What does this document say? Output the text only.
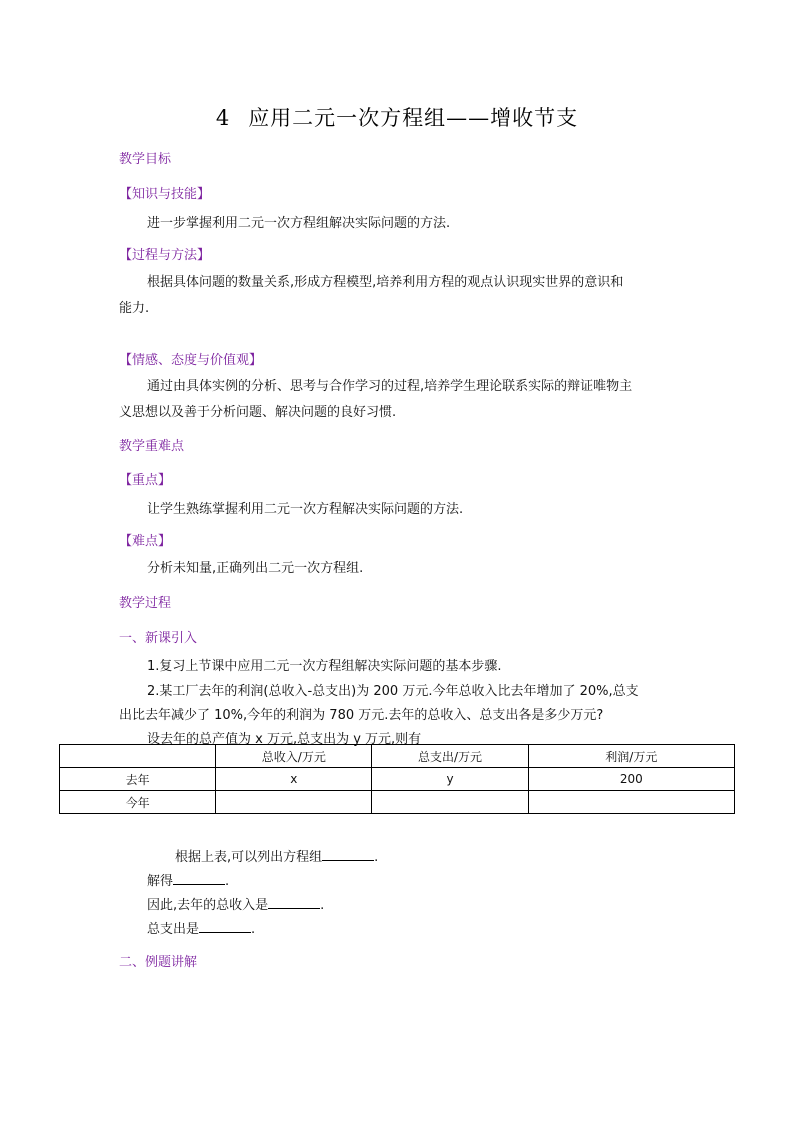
4 应用二元一次方程组——增收节支
教学目标
【知识与技能】
进一步掌握利用二元一次方程组解决实际问题的方法.
【过程与方法】
根据具体问题的数量关系,形成方程模型,培养利用方程的观点认识现实世界的意识和
能力.
【情感、态度与价值观】
通过由具体实例的分析、思考与合作学习的过程,培养学生理论联系实际的辩证唯物主
义思想以及善于分析问题、解决问题的良好习惯.
教学重难点
【重点】
让学生熟练掌握利用二元一次方程解决实际问题的方法.
【难点】
分析未知量,正确列出二元一次方程组.
教学过程
一、新课引入
1.复习上节课中应用二元一次方程组解决实际问题的基本步骤.
2.某工厂去年的利润(总收入-总支出)为 200 万元.今年总收入比去年增加了 20%,总支
出比去年减少了 10%,今年的利润为 780 万元.去年的总收入、总支出各是多少万元?
设去年的总产值为 x 万元,总支出为 y 万元,则有
	总收入/万元	总支出/万元	利润/万元
去年	x	y	200
今年			
根据上表,可以列出方程组	.
解得	.
因此,去年的总收入是	.
总支出是	.
二、例题讲解
